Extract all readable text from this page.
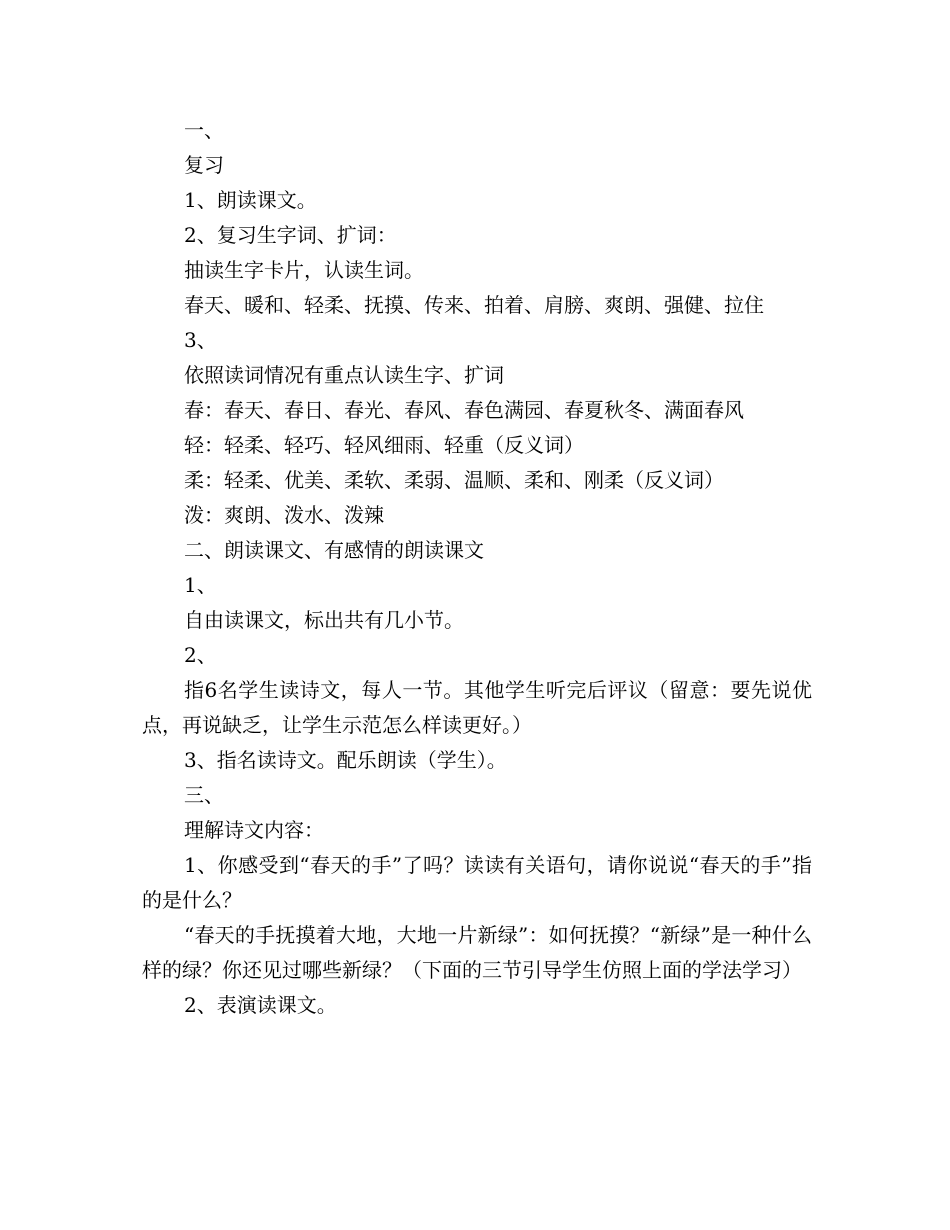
一、

复习

1、朗读课文。

2、复习生字词、扩词：

抽读生字卡片，认读生词。

春天、暖和、轻柔、抚摸、传来、拍着、肩膀、爽朗、强健、拉住

3、

依照读词情况有重点认读生字、扩词

春：春天、春日、春光、春风、春色满园、春夏秋冬、满面春风

轻：轻柔、轻巧、轻风细雨、轻重（反义词）

柔：轻柔、优美、柔软、柔弱、温顺、柔和、刚柔（反义词）

泼：爽朗、泼水、泼辣

二、朗读课文、有感情的朗读课文

1、

自由读课文，标出共有几小节。

2、

指6名学生读诗文，每人一节。其他学生听完后评议（留意：要先说优点，再说缺乏，让学生示范怎么样读更好。）

3、指名读诗文。配乐朗读（学生）。

三、

理解诗文内容：

1、你感受到“春天的手”了吗？读读有关语句，请你说说“春天的手”指的是什么？

“春天的手抚摸着大地，大地一片新绿”：如何抚摸？“新绿”是一种什么样的绿？你还见过哪些新绿？（下面的三节引导学生仿照上面的学法学习）

2、表演读课文。
